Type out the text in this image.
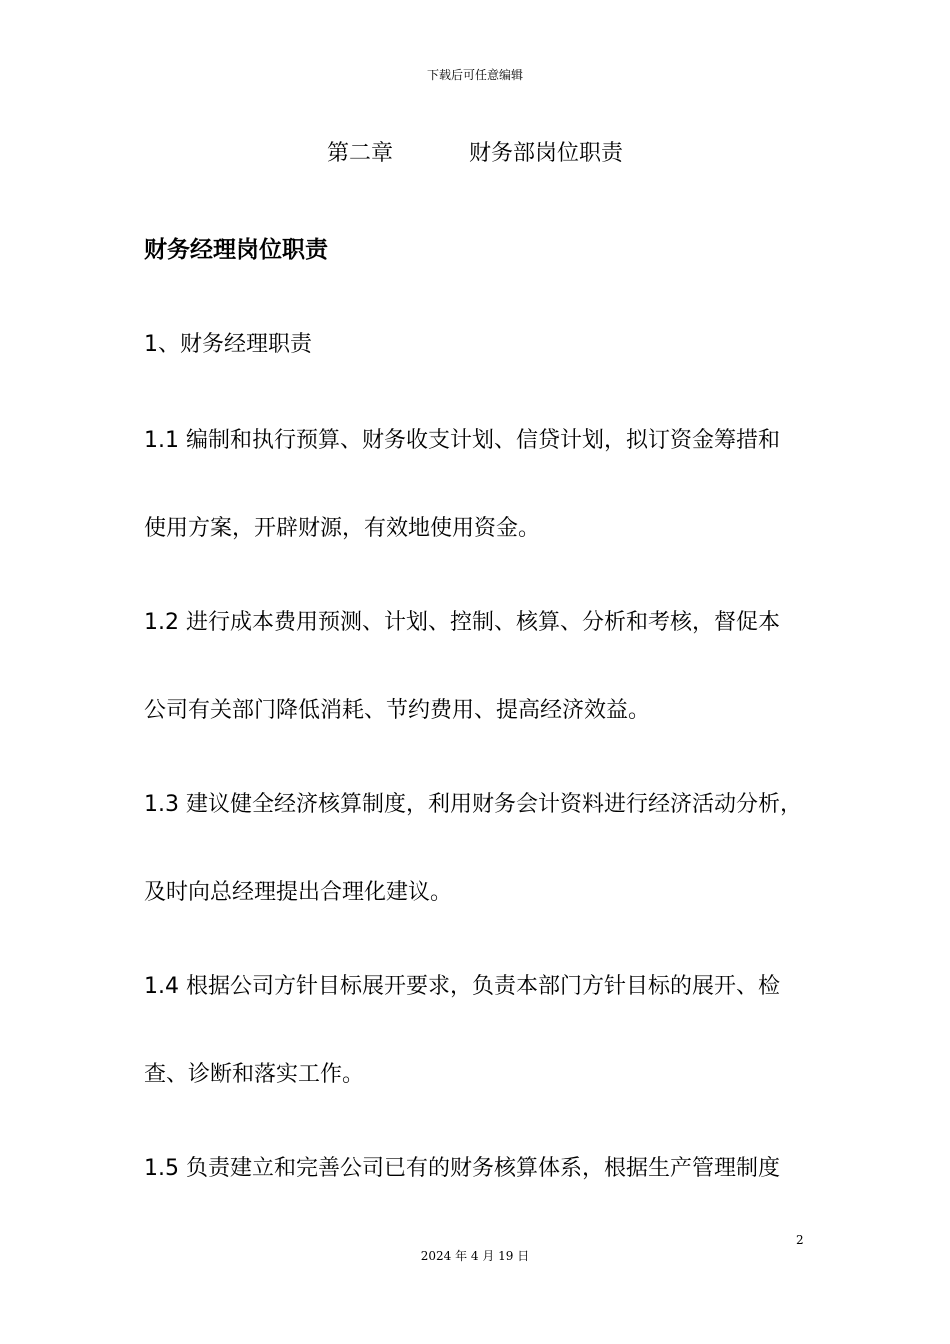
下载后可任意编辑
第二章	财务部岗位职责
财务经理岗位职责
1、财务经理职责
1.1 编制和执行预算、财务收支计划、信贷计划，拟订资金筹措和
使用方案，开辟财源，有效地使用资金。
1.2 进行成本费用预测、计划、控制、核算、分析和考核，督促本
公司有关部门降低消耗、节约费用、提高经济效益。
1.3 建议健全经济核算制度，利用财务会计资料进行经济活动分析，
及时向总经理提出合理化建议。
1.4 根据公司方针目标展开要求，负责本部门方针目标的展开、检
查、诊断和落实工作。
1.5 负责建立和完善公司已有的财务核算体系，根据生产管理制度
2
2024 年 4 月 19 日
